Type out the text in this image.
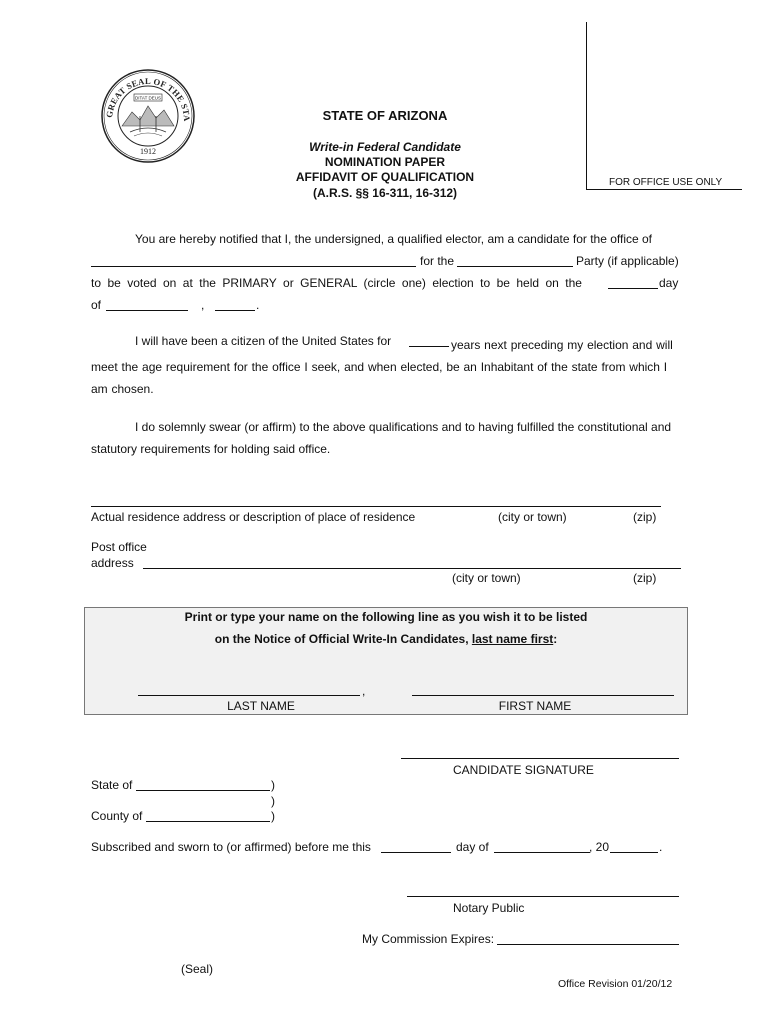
GREAT SEAL OF THE STA
DITAT DEUS
1912
STATE OF ARIZONA
Write-in Federal Candidate
NOMINATION PAPER
AFFIDAVIT OF QUALIFICATION
(A.R.S. §§ 16-311, 16-312)
FOR OFFICE USE ONLY
You are hereby notified that I, the undersigned, a qualified elector, am a candidate for the office of
for the	Party (if applicable)
to be voted on at the PRIMARY or GENERAL (circle one) election to be held on the	day
of	,	.
I will have been a citizen of the United States for	years next preceding my election and will meet the age requirement for the office I seek, and when elected, be an Inhabitant of the state from which I am chosen.

I do solemnly swear (or affirm) to the above qualifications and to having fulfilled the constitutional and statutory requirements for holding said office.

Actual residence address or description of place of residence	(city or town)	(zip)
Post office
address
(city or town)	(zip)
Print or type your name on the following line as you wish it to be listed
on the Notice of Official Write-In Candidates, last name first:
,
LAST NAME	FIRST NAME
CANDIDATE SIGNATURE
State of	)
)
County of	)
Subscribed and sworn to (or affirmed) before me this	day of	, 20	.
Notary Public
My Commission Expires:
(Seal)
Office Revision 01/20/12
